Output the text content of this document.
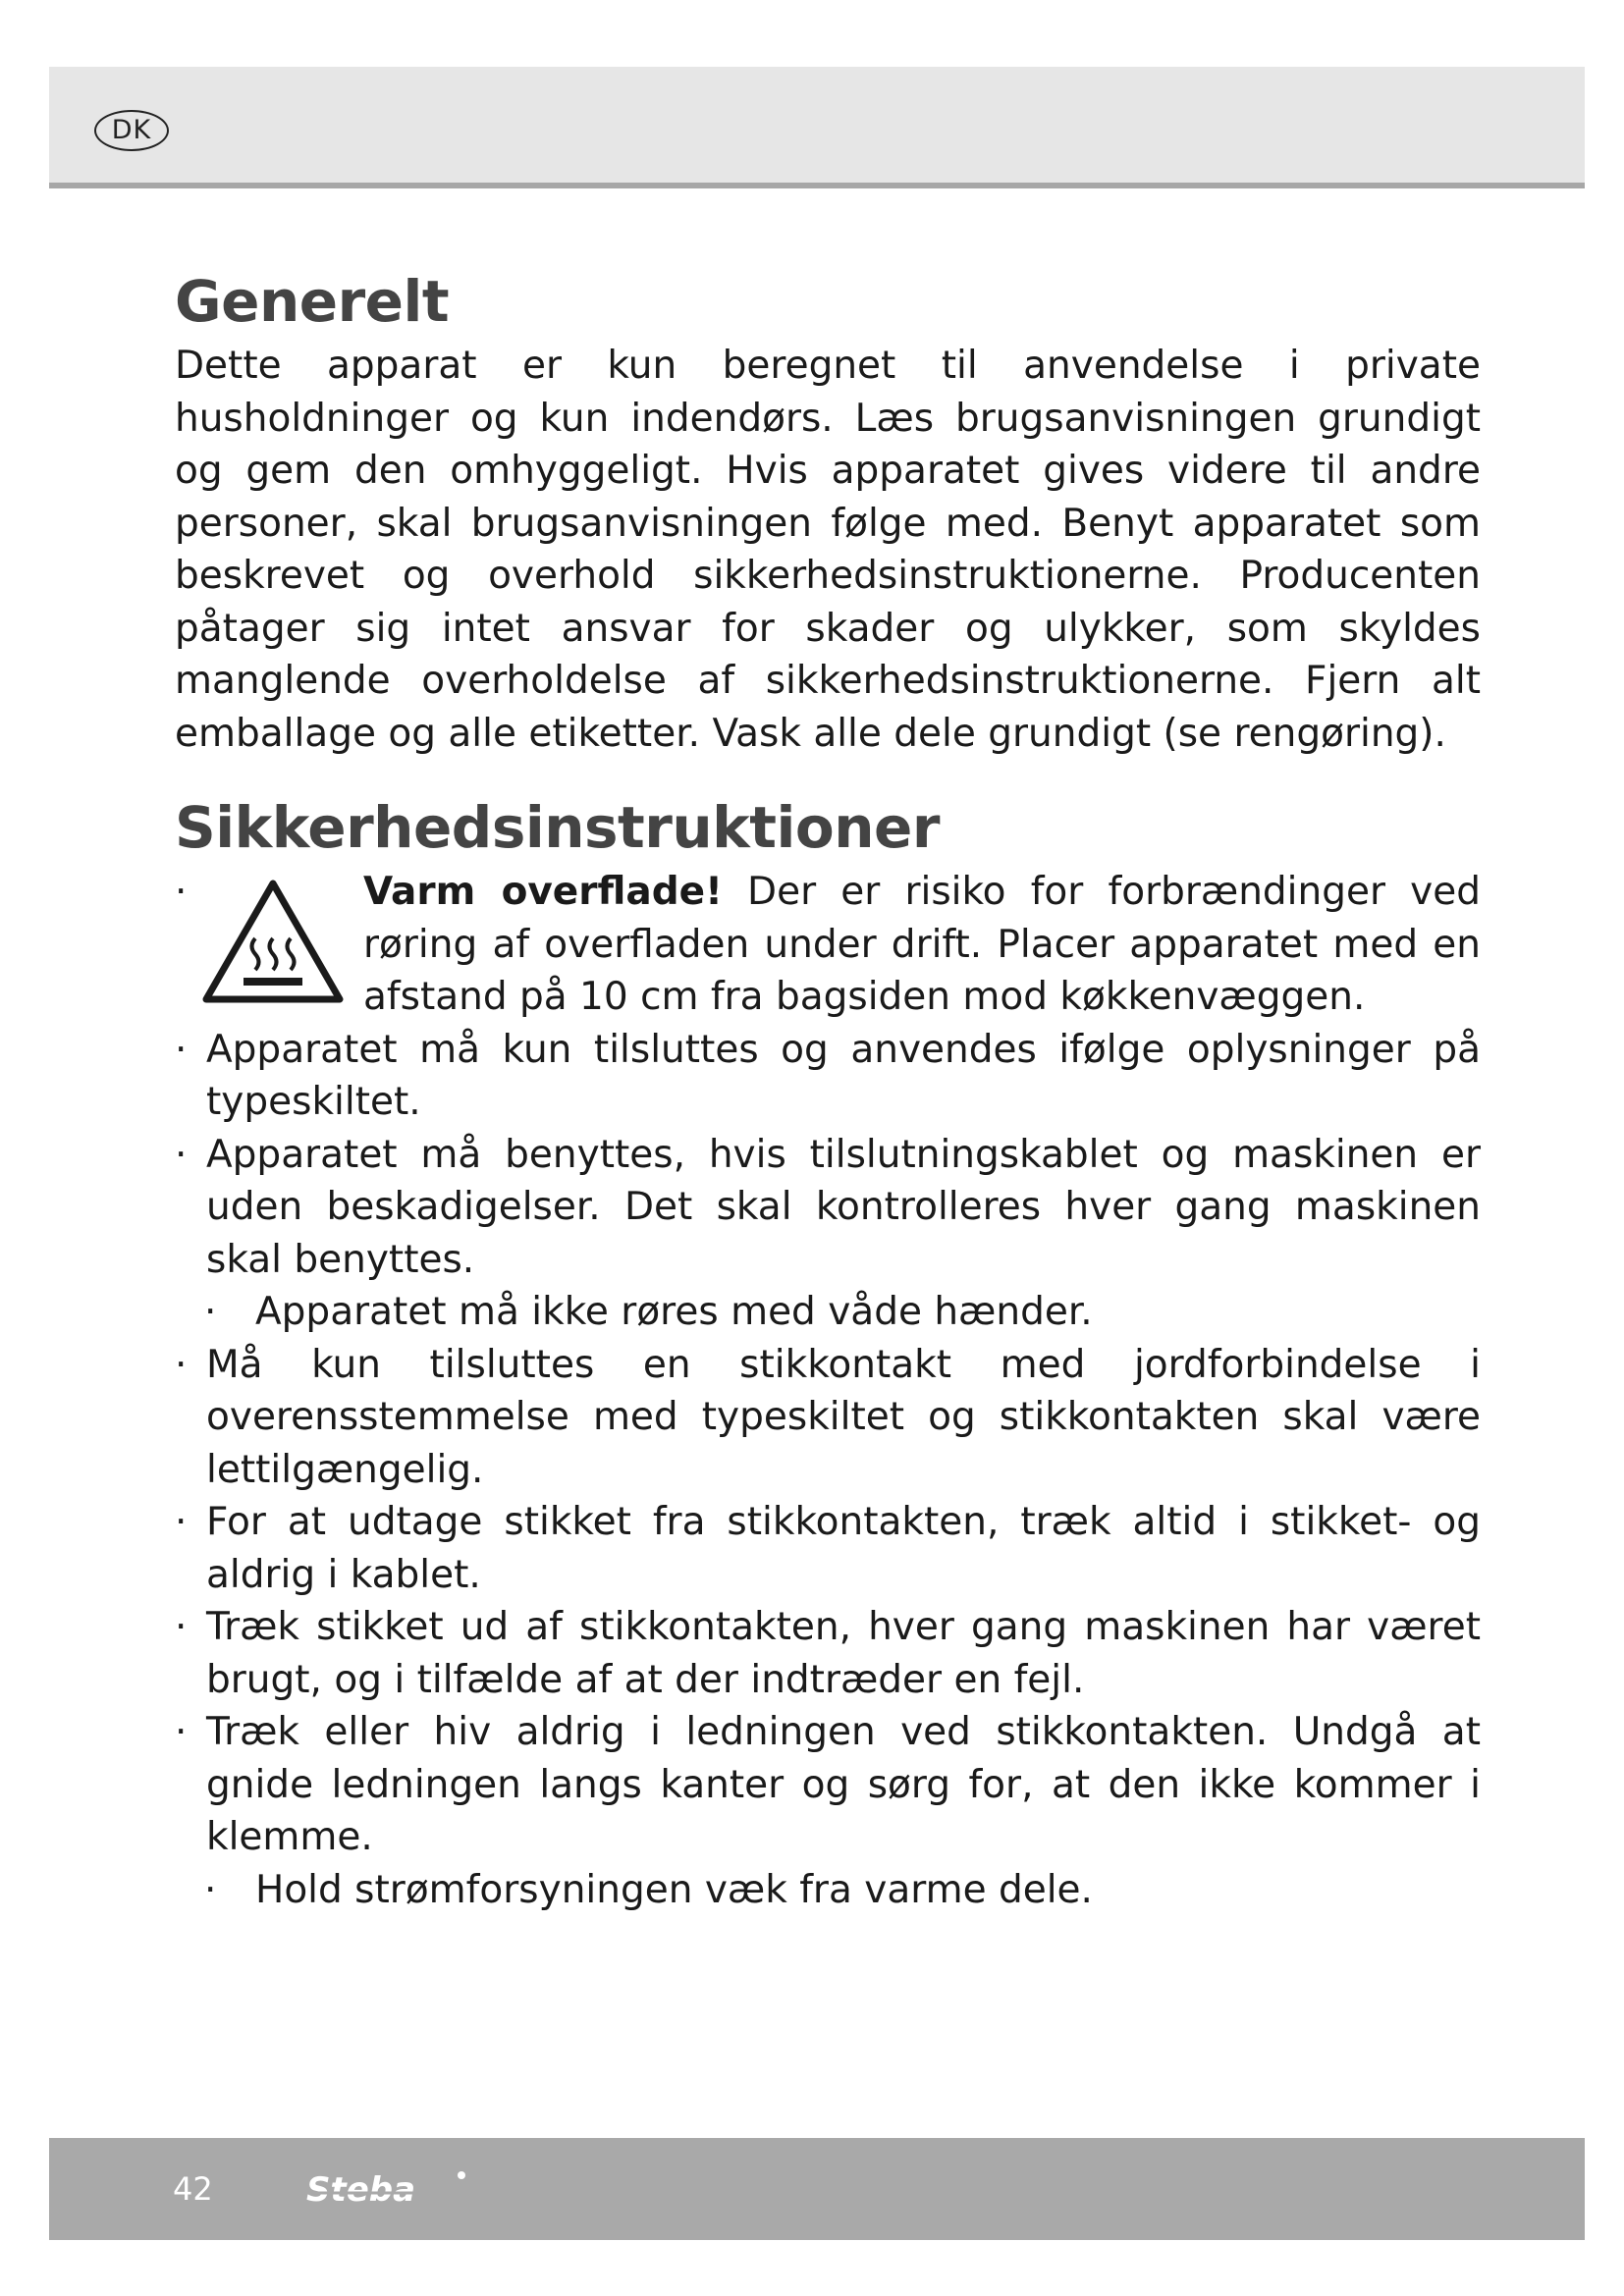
DK
Generelt

Dette apparat er kun beregnet til anvendelse i private husholdninger og kun indendørs. Læs brugsanvisningen grundigt og gem den omhyggeligt. Hvis apparatet gives videre til andre personer, skal brugsanvisningen følge med. Benyt apparatet som beskrevet og overhold sikkerhedsinstruktionerne. Producenten påtager sig intet ansvar for skader og ulykker, som skyldes manglende overholdelse af sikkerhedsinstruktionerne. Fjern alt emballage og alle etiketter. Vask alle dele grundigt (se rengøring).

Sikkerhedsinstruktioner
·	Varm overflade! Der er risiko for forbrændinger ved røring af overfladen under drift. Placer apparatet med en afstand på 10 cm fra bagsiden mod køkkenvæggen.
· Apparatet må kun tilsluttes og anvendes ifølge oplysninger på typeskiltet.
· Apparatet må benyttes, hvis tilslutningskablet og maskinen er uden beskadigelser. Det skal kontrolleres hver gang maskinen skal benyttes.
· Apparatet må ikke røres med våde hænder.
· Må kun tilsluttes en stikkontakt med jordforbindelse i overensstemmelse med typeskiltet og stikkontakten skal være lettilgængelig.
· For at udtage stikket fra stikkontakten, træk altid i stikket- og aldrig i kablet.
· Træk stikket ud af stikkontakten, hver gang maskinen har været brugt, og i tilfælde af at der indtræder en fejl.
· Træk eller hiv aldrig i ledningen ved stikkontakten. Undgå at gnide ledningen langs kanter og sørg for, at den ikke kommer i klemme.
· Hold strømforsyningen væk fra varme dele.
42	Steba
